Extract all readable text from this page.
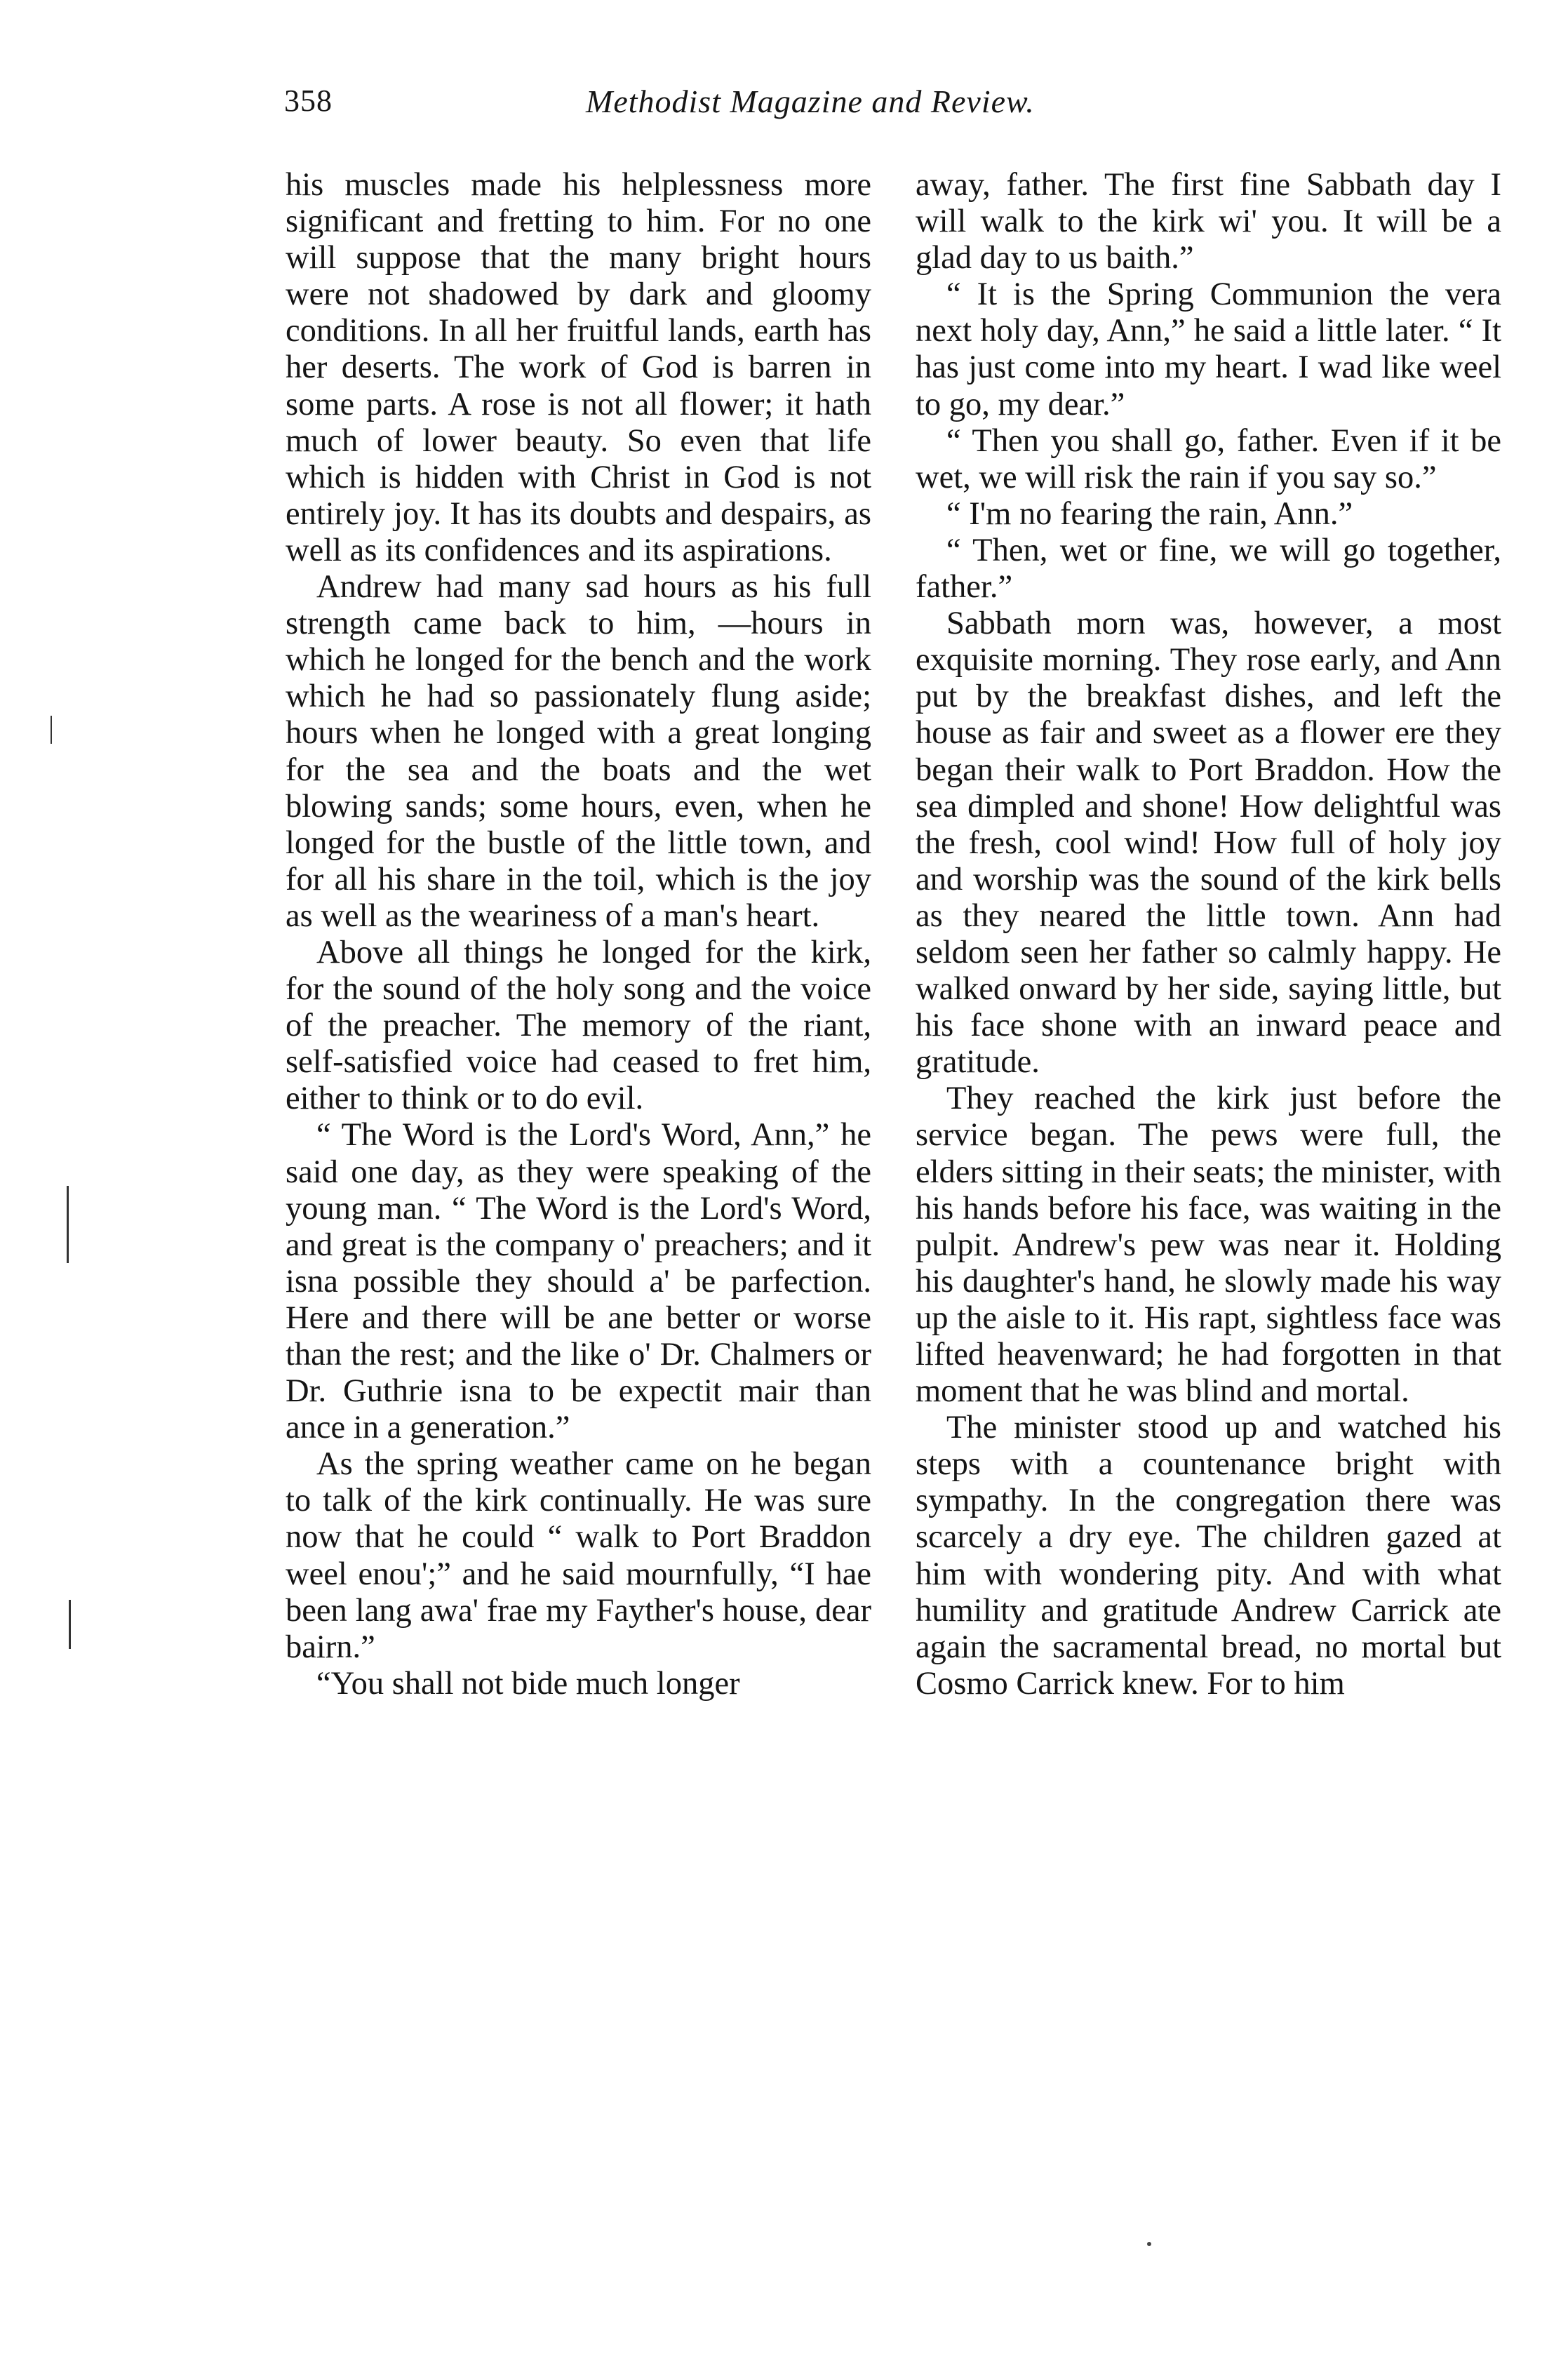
358	Methodist Magazine and Review.

his muscles made his helplessness more significant and fretting to him. For no one will suppose that the many bright hours were not shadowed by dark and gloomy conditions. In all her fruitful lands, earth has her deserts. The work of God is barren in some parts. A rose is not all flower; it hath much of lower beauty. So even that life which is hidden with Christ in God is not entirely joy. It has its doubts and despairs, as well as its confidences and its aspirations.

Andrew had many sad hours as his full strength came back to him, —hours in which he longed for the bench and the work which he had so passionately flung aside; hours when he longed with a great longing for the sea and the boats and the wet blowing sands; some hours, even, when he longed for the bustle of the little town, and for all his share in the toil, which is the joy as well as the weariness of a man's heart.

Above all things he longed for the kirk, for the sound of the holy song and the voice of the preacher. The memory of the riant, self-satisfied voice had ceased to fret him, either to think or to do evil.

“ The Word is the Lord's Word, Ann,” he said one day, as they were speaking of the young man. “ The Word is the Lord's Word, and great is the company o' preachers; and it isna possible they should a' be parfection. Here and there will be ane better or worse than the rest; and the like o' Dr. Chalmers or Dr. Guthrie isna to be expectit mair than ance in a generation.”

As the spring weather came on he began to talk of the kirk continually. He was sure now that he could “ walk to Port Braddon weel enou';” and he said mournfully, “I hae been lang awa' frae my Fayther's house, dear bairn.”

“You shall not bide much longer

away, father. The first fine Sabbath day I will walk to the kirk wi' you. It will be a glad day to us baith.”

“ It is the Spring Communion the vera next holy day, Ann,” he said a little later. “ It has just come into my heart. I wad like weel to go, my dear.”

“ Then you shall go, father. Even if it be wet, we will risk the rain if you say so.”

“ I'm no fearing the rain, Ann.”

“ Then, wet or fine, we will go together, father.”

Sabbath morn was, however, a most exquisite morning. They rose early, and Ann put by the breakfast dishes, and left the house as fair and sweet as a flower ere they began their walk to Port Braddon. How the sea dimpled and shone! How delightful was the fresh, cool wind! How full of holy joy and worship was the sound of the kirk bells as they neared the little town. Ann had seldom seen her father so calmly happy. He walked onward by her side, saying little, but his face shone with an inward peace and gratitude.

They reached the kirk just before the service began. The pews were full, the elders sitting in their seats; the minister, with his hands before his face, was waiting in the pulpit. Andrew's pew was near it. Holding his daughter's hand, he slowly made his way up the aisle to it. His rapt, sightless face was lifted heavenward; he had forgotten in that moment that he was blind and mortal.

The minister stood up and watched his steps with a countenance bright with sympathy. In the congregation there was scarcely a dry eye. The children gazed at him with wondering pity. And with what humility and gratitude Andrew Carrick ate again the sacramental bread, no mortal but Cosmo Carrick knew. For to him
